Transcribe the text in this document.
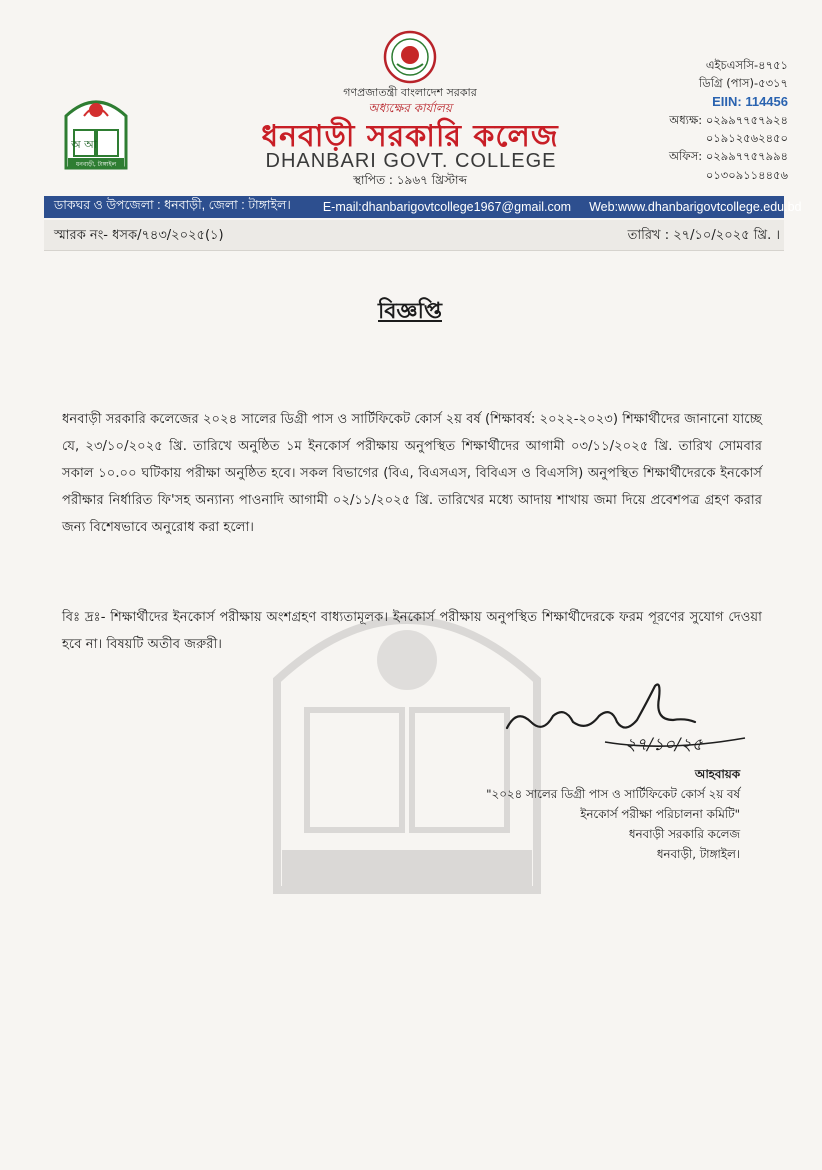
অ আ
ধনবাড়ী, টাঙ্গাইল
গণপ্রজাতন্ত্রী বাংলাদেশ সরকার
অধ্যক্ষের কার্যালয়
ধনবাড়ী সরকারি কলেজ
DHANBARI GOVT. COLLEGE
স্থাপিত : ১৯৬৭ খ্রিস্টাব্দ
এইচএসসি-৪৭৫১
ডিগ্রি (পাস)-৫৩১৭
EIIN: 114456
অধ্যক্ষ: ০২৯৯৭৭৫৭৯২৪
০১৯১২৫৬২৪৫০
অফিস: ০২৯৯৭৭৫৭৯৯৪
০১৩০৯১১৪৪৫৬
ডাকঘর ও উপজেলা : ধনবাড়ী, জেলা : টাঙ্গাইল।	E-mail:dhanbarigovtcollege1967@gmail.com Web:www.dhanbarigovtcollege.edu.bd
স্মারক নং- ধসক/৭৪৩/২০২৫(১)	তারিখ : ২৭/১০/২০২৫ খ্রি. ।
বিজ্ঞপ্তি
ধনবাড়ী সরকারি কলেজের ২০২৪ সালের ডিগ্রী পাস ও সার্টিফিকেট কোর্স ২য় বর্ষ (শিক্ষাবর্ষ: ২০২২-২০২৩) শিক্ষার্থীদের জানানো যাচ্ছে যে, ২৩/১০/২০২৫ খ্রি. তারিখে অনুষ্ঠিত ১ম ইনকোর্স পরীক্ষায় অনুপস্থিত শিক্ষার্থীদের আগামী ০৩/১১/২০২৫ খ্রি. তারিখ সোমবার সকাল ১০.০০ ঘটিকায় পরীক্ষা অনুষ্ঠিত হবে। সকল বিভাগের (বিএ, বিএসএস, বিবিএস ও বিএসসি) অনুপস্থিত শিক্ষার্থীদেরকে ইনকোর্স পরীক্ষার নির্ধারিত ফি'সহ অন্যান্য পাওনাদি আগামী ০২/১১/২০২৫ খ্রি. তারিখের মধ্যে আদায় শাখায় জমা দিয়ে প্রবেশপত্র গ্রহণ করার জন্য বিশেষভাবে অনুরোধ করা হলো।
বিঃ দ্রঃ- শিক্ষার্থীদের ইনকোর্স পরীক্ষায় অংশগ্রহণ বাধ্যতামূলক। ইনকোর্স পরীক্ষায় অনুপস্থিত শিক্ষার্থীদেরকে ফরম পূরণের সুযোগ দেওয়া হবে না। বিষয়টি অতীব জরুরী।
২৭/১০/২৫
আহবায়ক
"২০২৪ সালের ডিগ্রী পাস ও সার্টিফিকেট কোর্স ২য় বর্ষ
ইনকোর্স পরীক্ষা পরিচালনা কমিটি"
ধনবাড়ী সরকারি কলেজ
ধনবাড়ী, টাঙ্গাইল।
